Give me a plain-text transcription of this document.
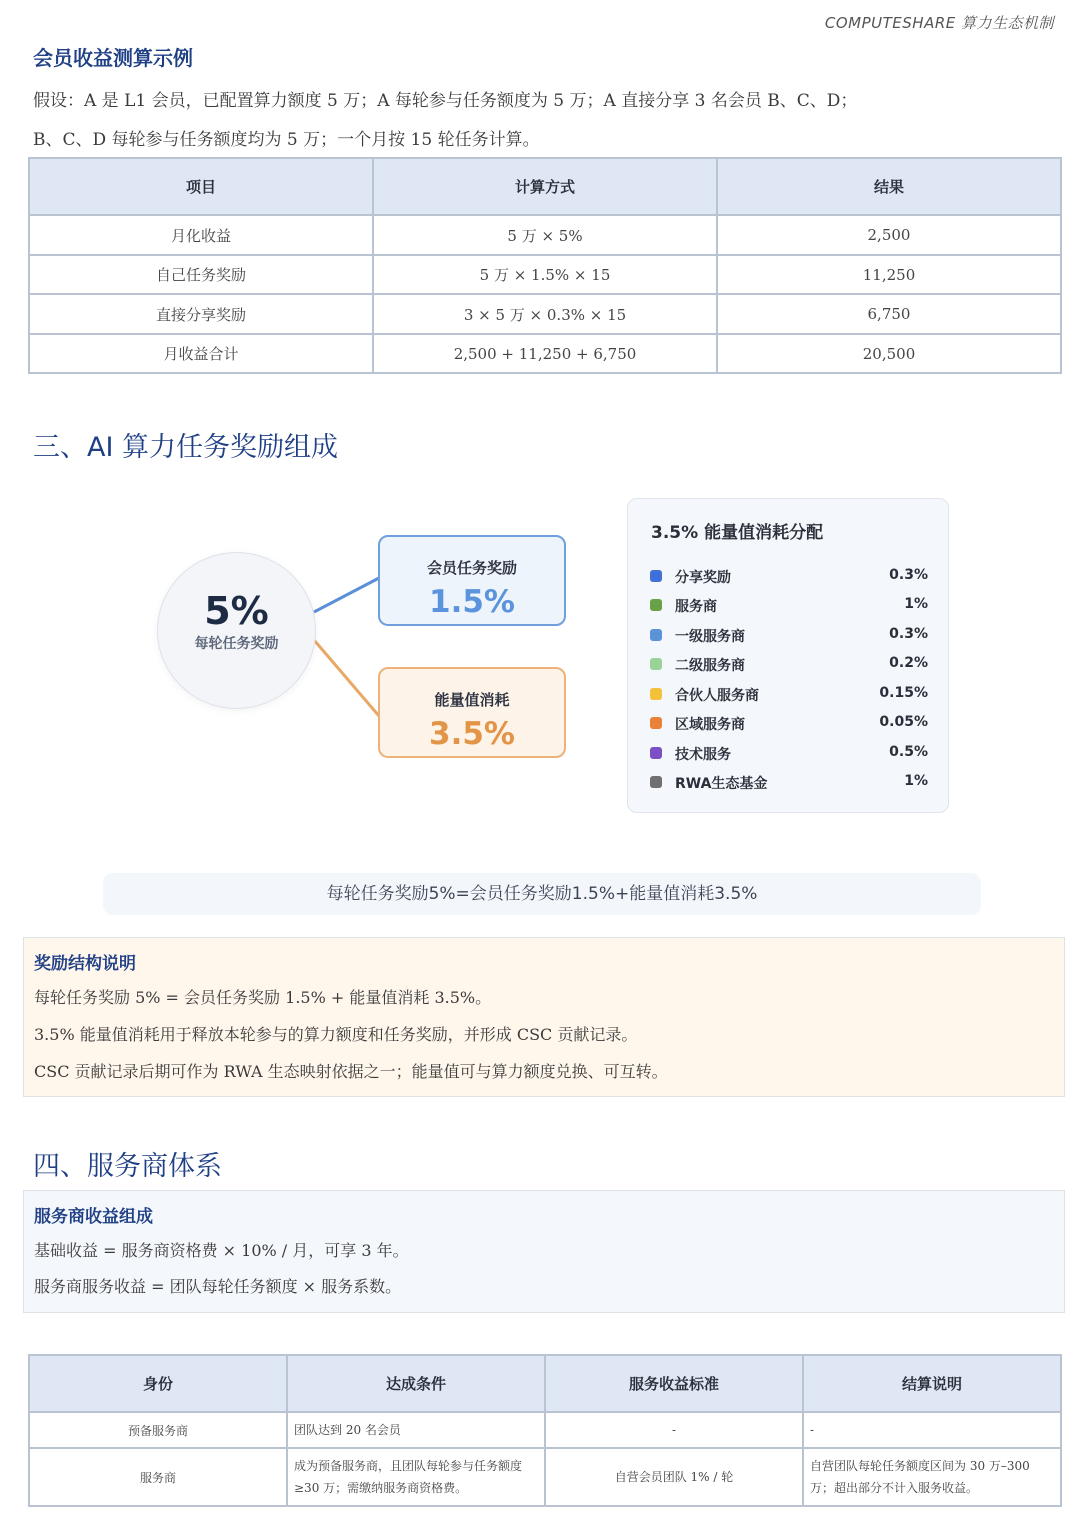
COMPUTESHARE 算力生态机制
会员收益测算示例
假设：A 是 L1 会员，已配置算力额度 5 万；A 每轮参与任务额度为 5 万；A 直接分享 3 名会员 B、C、D；
B、C、D 每轮参与任务额度均为 5 万；一个月按 15 轮任务计算。
项目	计算方式	结果
月化收益	5 万 × 5%	2,500
自己任务奖励	5 万 × 1.5% × 15	11,250
直接分享奖励	3 × 5 万 × 0.3% × 15	6,750
月收益合计	2,500 + 11,250 + 6,750	20,500
三、AI 算力任务奖励组成
5%
每轮任务奖励
会员任务奖励
1.5%
能量值消耗
3.5%
3.5% 能量值消耗分配
分享奖励	0.3%
服务商	1%
一级服务商	0.3%
二级服务商	0.2%
合伙人服务商	0.15%
区域服务商	0.05%
技术服务	0.5%
RWA生态基金	1%
每轮任务奖励5%=会员任务奖励1.5%+能量值消耗3.5%
奖励结构说明
每轮任务奖励 5% = 会员任务奖励 1.5% + 能量值消耗 3.5%。
3.5% 能量值消耗用于释放本轮参与的算力额度和任务奖励，并形成 CSC 贡献记录。
CSC 贡献记录后期可作为 RWA 生态映射依据之一；能量值可与算力额度兑换、可互转。
四、服务商体系
服务商收益组成
基础收益 = 服务商资格费 × 10% / 月，可享 3 年。
服务商服务收益 = 团队每轮任务额度 × 服务系数。
身份	达成条件	服务收益标准	结算说明
预备服务商	团队达到 20 名会员	-	-
服务商	成为预备服务商，且团队每轮参与任务额度 ≥30 万；需缴纳服务商资格费。	自营会员团队 1% / 轮	自营团队每轮任务额度区间为 30 万–300 万；超出部分不计入服务收益。
